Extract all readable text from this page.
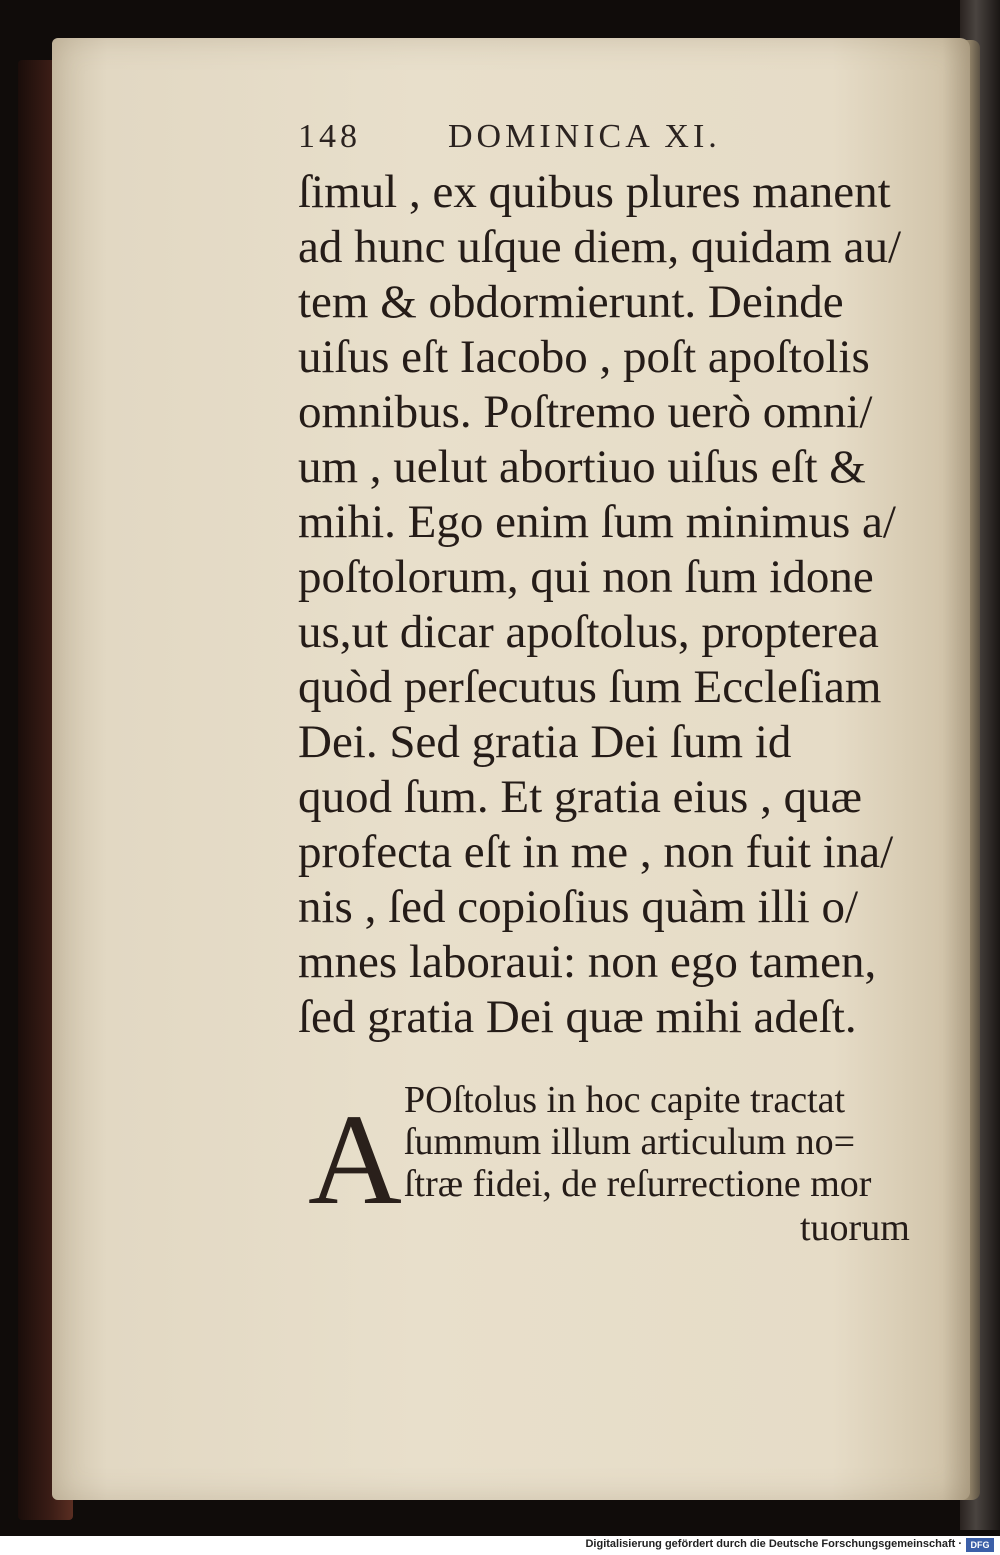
148	DOMINICA XI.
ſimul , ex quibus plures manent
ad hunc uſque diem, quidam au/
tem & obdormierunt. Deinde
uiſus eſt Iacobo , poſt apoſtolis
omnibus. Poſtremo uerò omni/
um , uelut abortiuo uiſus eſt &
mihi. Ego enim ſum minimus a/
poſtolorum, qui non ſum idone
us,ut dicar apoſtolus, propterea
quòd perſecutus ſum Eccleſiam
Dei. Sed gratia Dei ſum id
quod ſum. Et gratia eius , quæ
profecta eſt in me , non fuit ina/
nis , ſed copioſius quàm illi o/
mnes laboraui: non ego tamen,
ſed gratia Dei quæ mihi adeſt.
A POſtolus in hoc capite tractat
ſummum illum articulum no=
ſtræ fidei, de reſurrectione mor
tuorum
Digitalisierung gefördert durch die Deutsche Forschungsgemeinschaft · DFG
